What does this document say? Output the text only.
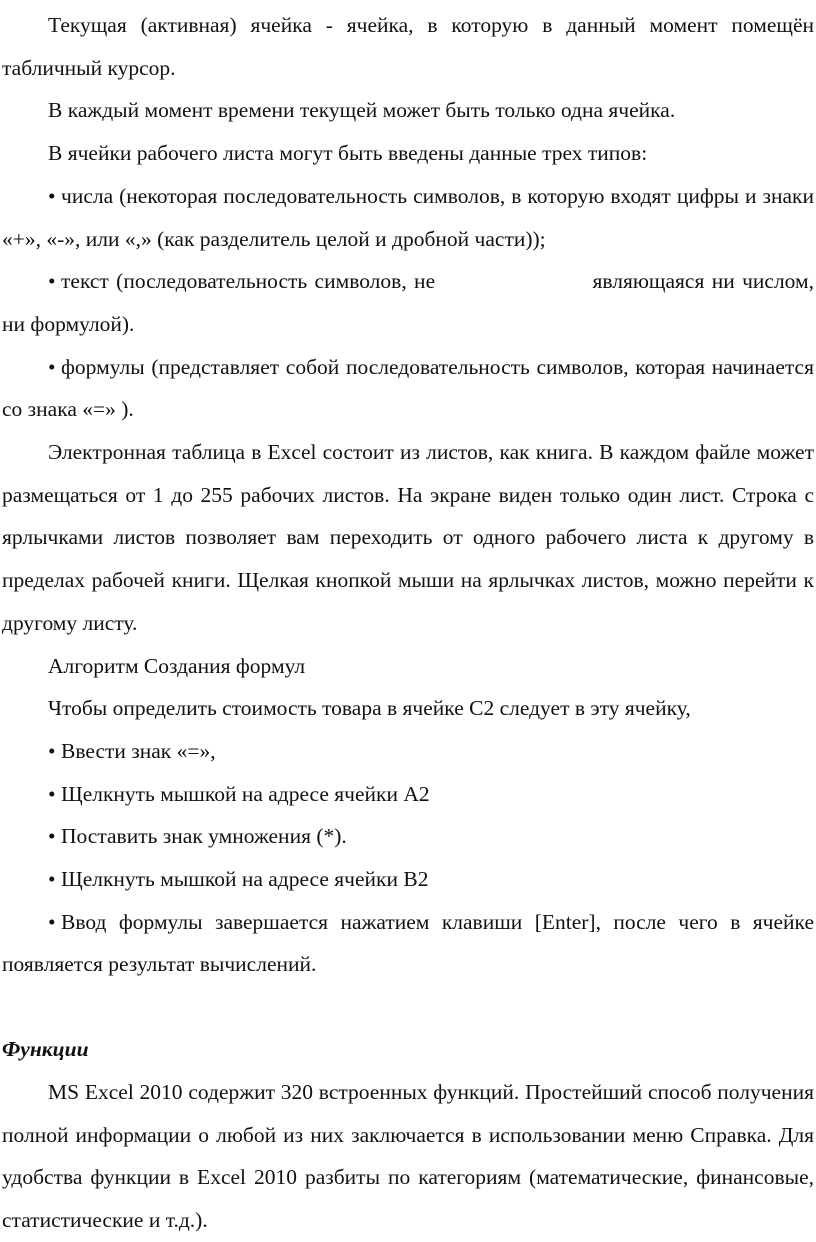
Текущая (активная) ячейка - ячейка, в которую в данный момент помещён табличный курсор.

В каждый момент времени текущей может быть только одна ячейка.

В ячейки рабочего листа могут быть введены данные трех типов:

• числа (некоторая последовательность символов, в которую входят цифры и знаки «+», «-», или «,» (как разделитель целой и дробной части));

• текст (последовательность символов, не	являющаяся ни числом, ни формулой).

• формулы (представляет собой последовательность символов, которая начинается со знака «=» ).

Электронная таблица в Excel состоит из листов, как книга. В каждом файле может размещаться от 1 до 255 рабочих листов. На экране виден только один лист. Строка с ярлычками листов позволяет вам переходить от одного рабочего листа к другому в пределах рабочей книги. Щелкая кнопкой мыши на ярлычках листов, можно перейти к другому листу.

Алгоритм Создания формул

Чтобы определить стоимость товара в ячейке С2 следует в эту ячейку,

• Ввести знак «=»,

• Щелкнуть мышкой на адресе ячейки А2

• Поставить знак умножения (*).

• Щелкнуть мышкой на адресе ячейки В2

• Ввод формулы завершается нажатием клавиши [Enter], после чего в ячейке появляется результат вычислений.

Функции

MS Excel 2010 содержит 320 встроенных функций. Простейший способ получения полной информации о любой из них заключается в использовании меню Справка. Для удобства функции в Excel 2010 разбиты по категориям (математические, финансовые, статистические и т.д.).
